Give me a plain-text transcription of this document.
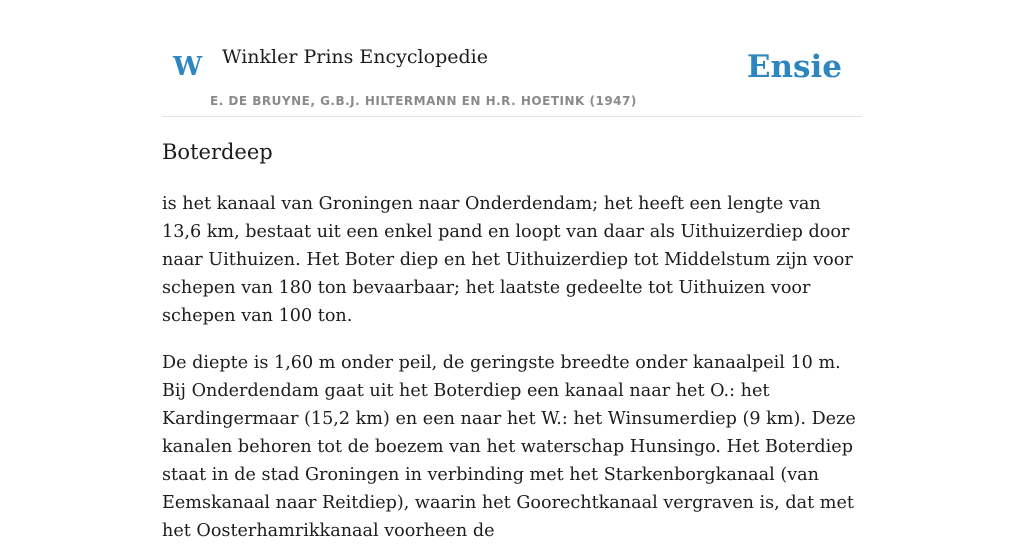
W Winkler Prins Encyclopedie
E. DE BRUYNE, G.B.J. HILTERMANN EN H.R. HOETINK (1947)
Ensie
Boterdeep

is het kanaal van Groningen naar Onderdendam; het heeft een lengte van 13,6 km, bestaat uit een enkel pand en loopt van daar als Uithuizerdiep door naar Uithuizen. Het Boter diep en het Uithuizerdiep tot Middelstum zijn voor schepen van 180 ton bevaarbaar; het laatste gedeelte tot Uithuizen voor schepen van 100 ton.

De diepte is 1,60 m onder peil, de geringste breedte onder kanaalpeil 10 m. Bij Onderdendam gaat uit het Boterdiep een kanaal naar het O.: het Kardingermaar (15,2 km) en een naar het W.: het Winsumerdiep (9 km). Deze kanalen behoren tot de boezem van het waterschap Hunsingo. Het Boterdiep staat in de stad Groningen in verbinding met het Starkenborgkanaal (van Eemskanaal naar Reitdiep), waarin het Goorechtkanaal vergraven is, dat met het Oosterhamrikkanaal voorheen de
